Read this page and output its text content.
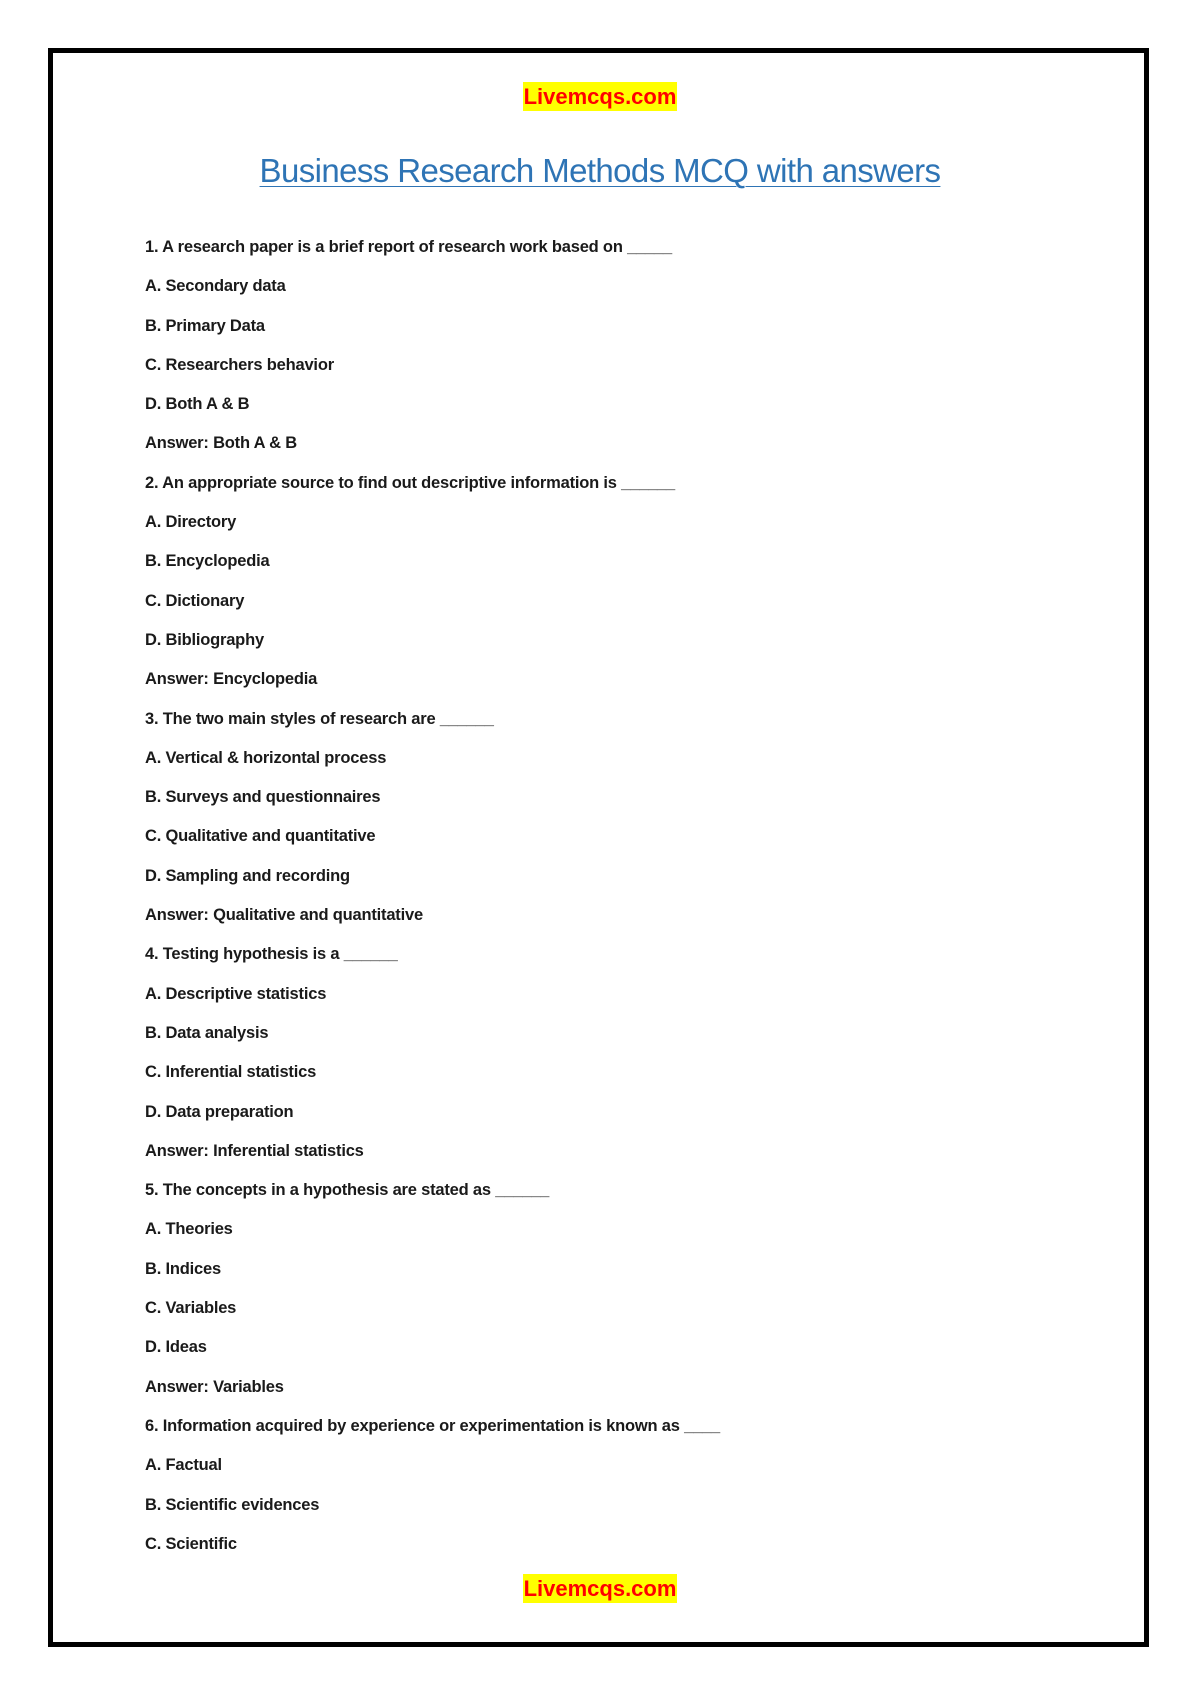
Livemcqs.com
Business Research Methods MCQ with answers
1. A research paper is a brief report of research work based on _____
A. Secondary data
B. Primary Data
C. Researchers behavior
D. Both A & B
Answer: Both A & B
2. An appropriate source to find out descriptive information is ______
A. Directory
B. Encyclopedia
C. Dictionary
D. Bibliography
Answer: Encyclopedia
3. The two main styles of research are ______
A. Vertical & horizontal process
B. Surveys and questionnaires
C. Qualitative and quantitative
D. Sampling and recording
Answer: Qualitative and quantitative
4. Testing hypothesis is a ______
A. Descriptive statistics
B. Data analysis
C. Inferential statistics
D. Data preparation
Answer: Inferential statistics
5. The concepts in a hypothesis are stated as ______
A. Theories
B. Indices
C. Variables
D. Ideas
Answer: Variables
6. Information acquired by experience or experimentation is known as ____
A. Factual
B. Scientific evidences
C. Scientific
Livemcqs.com
